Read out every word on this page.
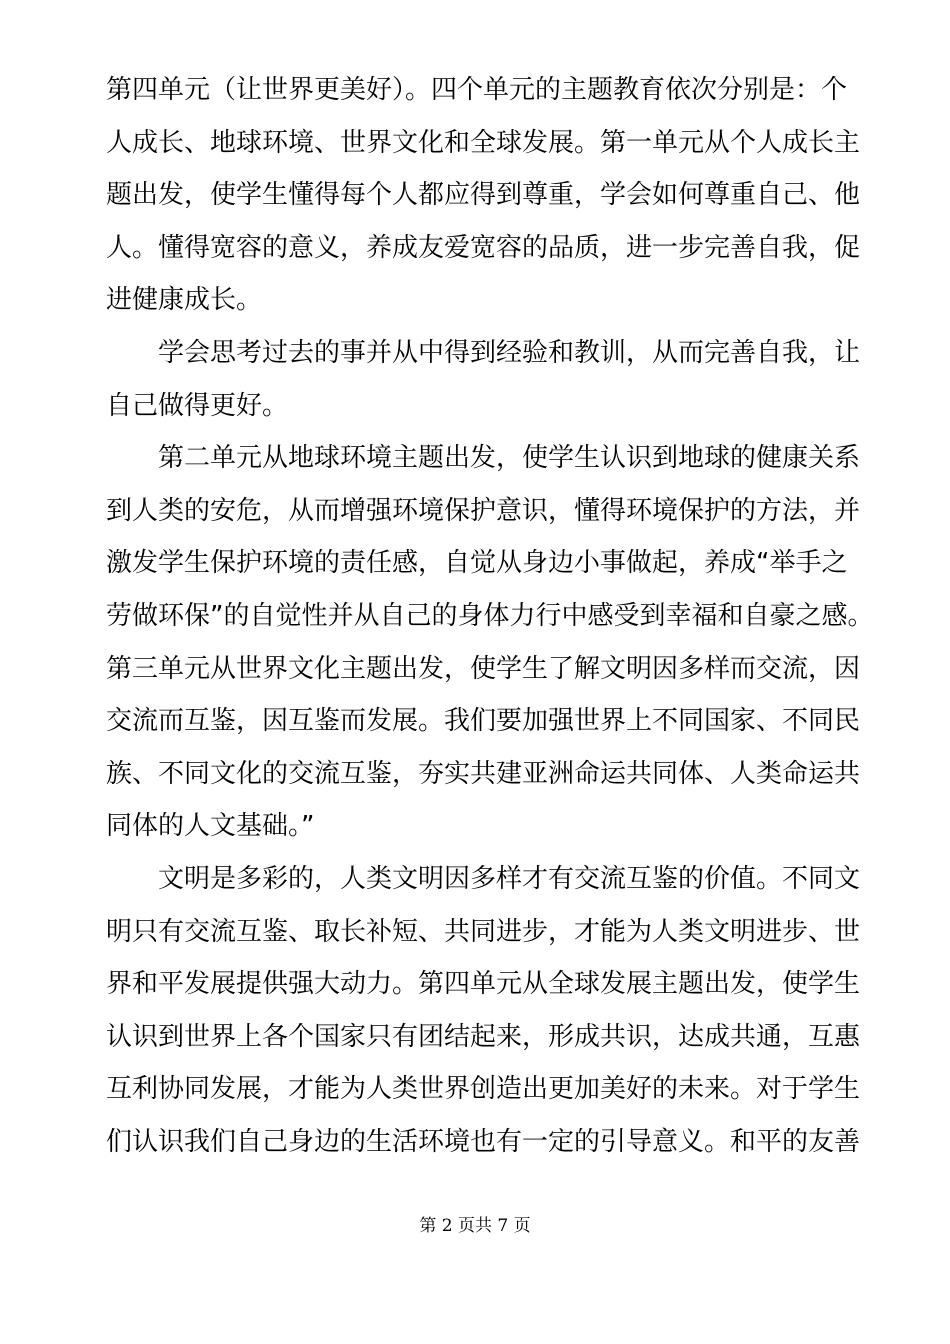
第四单元（让世界更美好）。四个单元的主题教育依次分别是：个
人成长、地球环境、世界文化和全球发展。第一单元从个人成长主
题出发，使学生懂得每个人都应得到尊重，学会如何尊重自己、他
人。懂得宽容的意义，养成友爱宽容的品质，进一步完善自我，促
进健康成长。
学会思考过去的事并从中得到经验和教训，从而完善自我，让
自己做得更好。
第二单元从地球环境主题出发，使学生认识到地球的健康关系
到人类的安危，从而增强环境保护意识，懂得环境保护的方法，并
激发学生保护环境的责任感，自觉从身边小事做起，养成“举手之
劳做环保”的自觉性并从自己的身体力行中感受到幸福和自豪之感。
第三单元从世界文化主题出发，使学生了解文明因多样而交流，因
交流而互鉴，因互鉴而发展。我们要加强世界上不同国家、不同民
族、不同文化的交流互鉴，夯实共建亚洲命运共同体、人类命运共
同体的人文基础。”
文明是多彩的，人类文明因多样才有交流互鉴的价值。不同文
明只有交流互鉴、取长补短、共同进步，才能为人类文明进步、世
界和平发展提供强大动力。第四单元从全球发展主题出发，使学生
认识到世界上各个国家只有团结起来，形成共识，达成共通，互惠
互利协同发展，才能为人类世界创造出更加美好的未来。对于学生
们认识我们自己身边的生活环境也有一定的引导意义。和平的友善
第 2 页共 7 页
